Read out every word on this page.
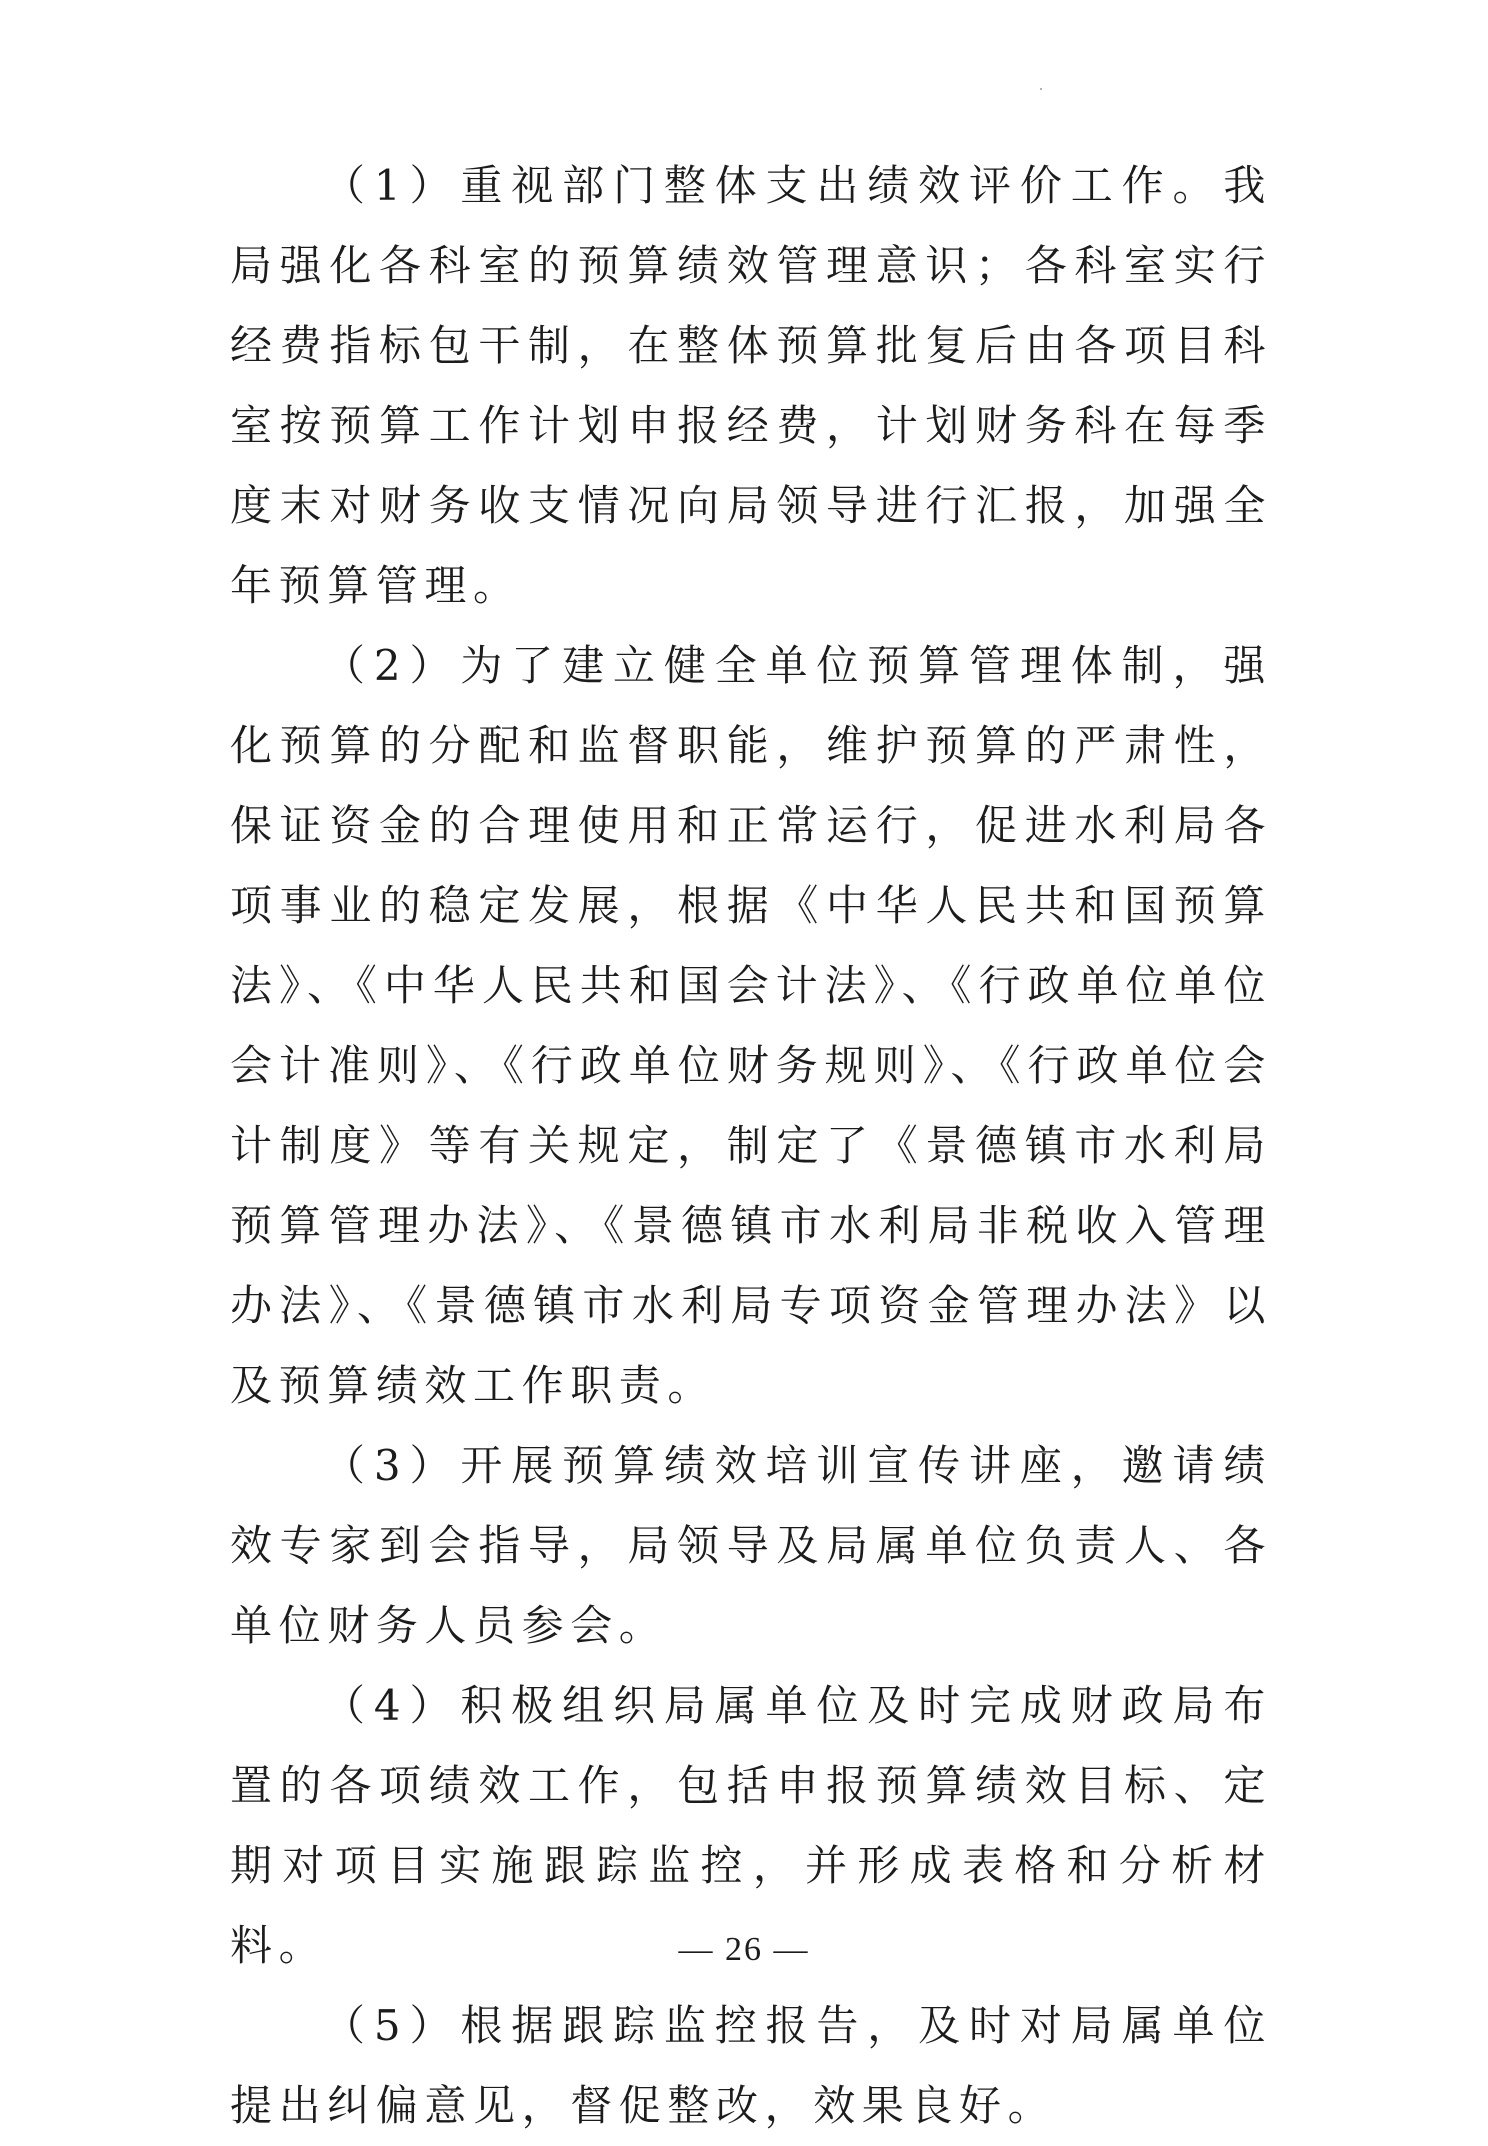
（1）重视部门整体支出绩效评价工作。我局强化各科室的预算绩效管理意识；各科室实行经费指标包干制，在整体预算批复后由各项目科室按预算工作计划申报经费，计划财务科在每季度末对财务收支情况向局领导进行汇报，加强全年预算管理。

（2）为了建立健全单位预算管理体制，强化预算的分配和监督职能，维护预算的严肃性，保证资金的合理使用和正常运行，促进水利局各项事业的稳定发展，根据《中华人民共和国预算法》、《中华人民共和国会计法》、《行政单位单位会计准则》、《行政单位财务规则》、《行政单位会计制度》等有关规定，制定了《景德镇市水利局预算管理办法》、《景德镇市水利局非税收入管理办法》、《景德镇市水利局专项资金管理办法》以及预算绩效工作职责。

（3）开展预算绩效培训宣传讲座，邀请绩效专家到会指导，局领导及局属单位负责人、各单位财务人员参会。

（4）积极组织局属单位及时完成财政局布置的各项绩效工作，包括申报预算绩效目标、定期对项目实施跟踪监控，并形成表格和分析材料。

（5）根据跟踪监控报告，及时对局属单位提出纠偏意见，督促整改，效果良好。

— 26 —
